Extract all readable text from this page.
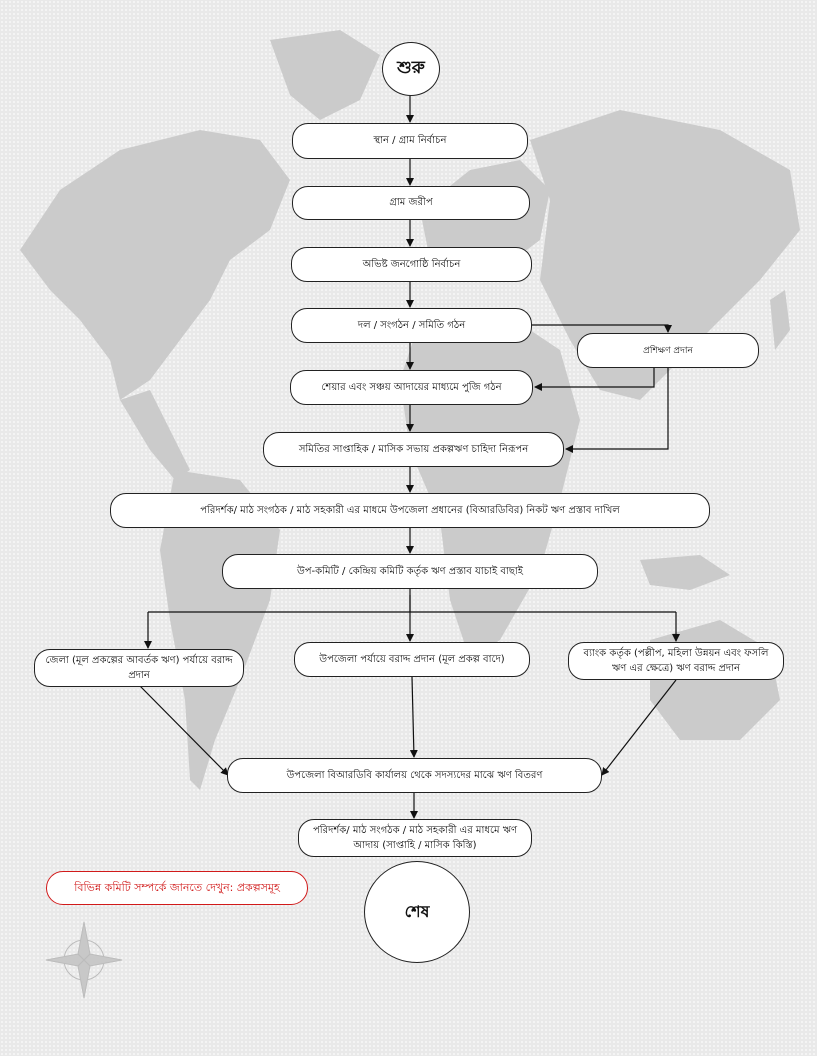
শুরু
স্থান / গ্রাম নির্বাচন
গ্রাম জরীপ
অভিষ্ট জনগোষ্ঠি নির্বাচন
দল / সংগঠন / সমিতি গঠন
প্রশিক্ষণ প্রদান
শেয়ার এবং সঞ্চয় আদায়ের মাধ্যমে পুজি গঠন
সমিতির সাপ্তাহিক / মাসিক সভায় প্রকল্পঋণ চাহিদা নিরূপন
পরিদর্শক/ মাঠ সংগঠক / মাঠ সহকারী এর মাধমে উপজেলা প্রধানের (বিআরডিবির) নিকট ঋণ প্রস্তাব দাখিল
উপ-কমিটি / কেন্দ্রিয় কমিটি কর্তৃক ঋণ প্রস্তাব যাচাই বাছাই
জেলা (মূল প্রকল্পের আবর্তক ঋণ) পর্যায়ে বরাদ্দ প্রদান
উপজেলা পর্যায়ে বরাদ্দ প্রদান (মূল প্রকল্প বাদে)	ব্যাংক কর্তৃক (পল্লীপ, মহিলা উন্নয়ন এবং ফসলি ঋণ এর ক্ষেত্রে) ঋণ বরাদ্দ প্রদান
উপজেলা বিআরডিবি কার্যালয় থেকে সদস্যদের মাঝে ঋণ বিতরণ
পরিদর্শক/ মাঠ সংগঠক / মাঠ সহকারী এর মাধমে ঋণ আদায় (সাপ্তাহি / মাসিক কিস্তি)
শেষ
বিভিন্ন কমিটি সম্পর্কে জানতে দেখুন: প্রকল্পসমূহ
